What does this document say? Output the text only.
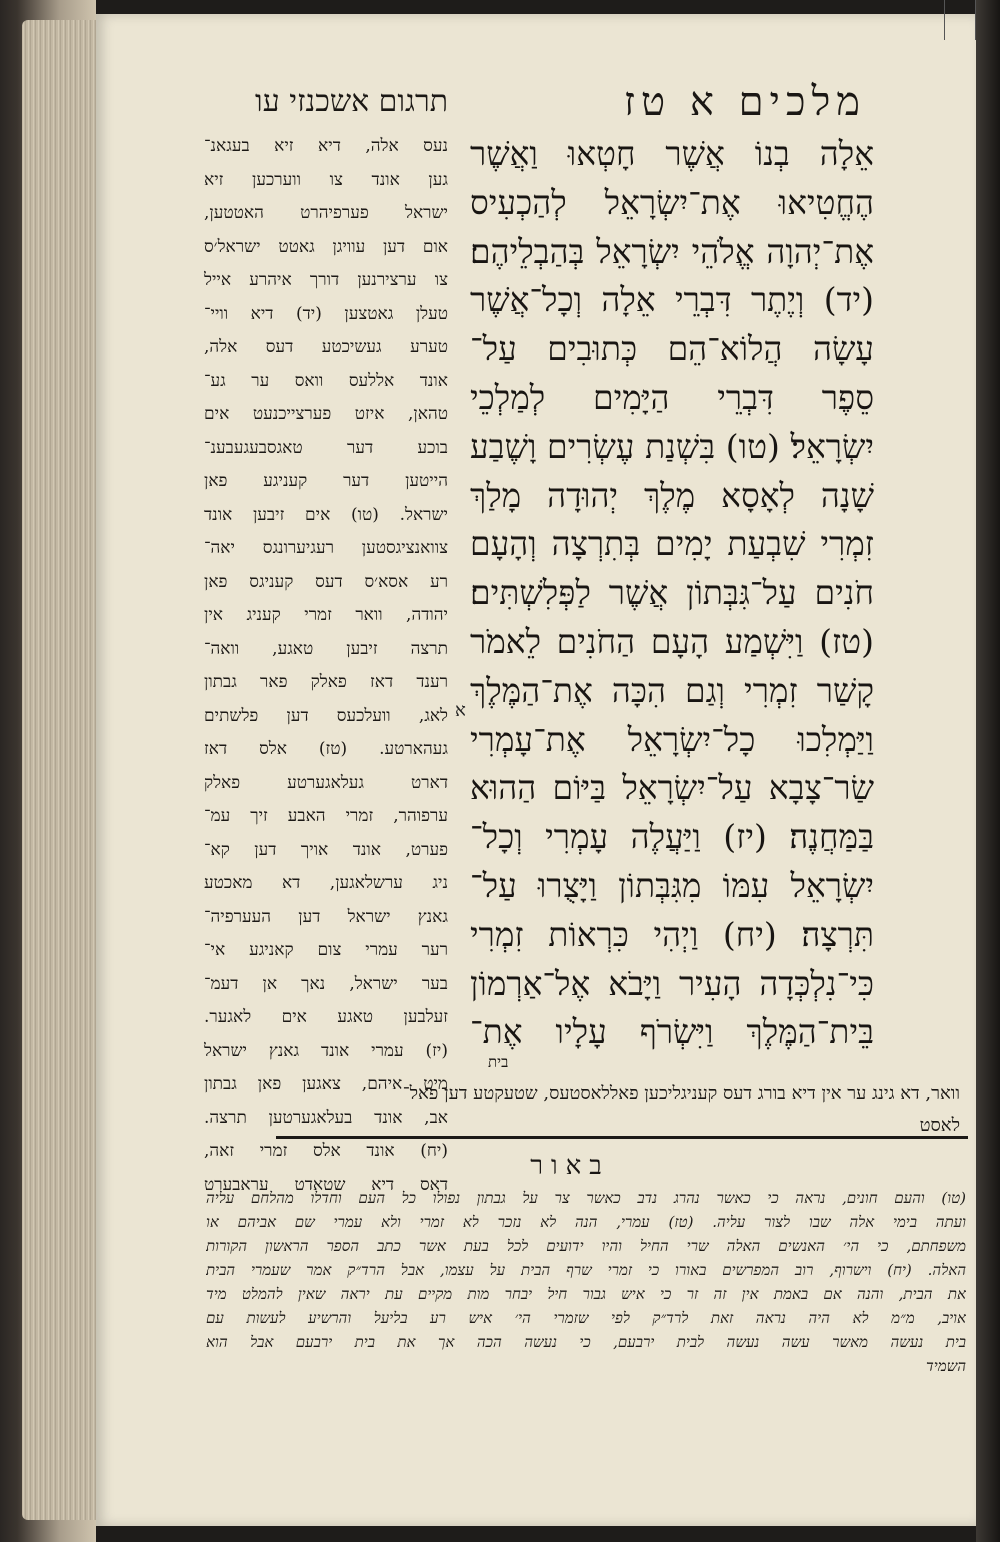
מלכים א טז
תרגום אשכנזי עו
אֵלָה בְנוֹ אֲשֶׁר חָטְאוּ וַאֲשֶׁר
הֶחֱטִיאוּ אֶת־יִשְׂרָאֵל לְהַכְעִיס
אֶת־יְהוָה אֱלֹהֵי יִשְׂרָאֵל בְּהַבְלֵיהֶם׃
(יד) וְיֶתֶר דִּבְרֵי אֵלָה וְכָל־אֲשֶׁר
עָשָׂה הֲלוֹא־הֵם כְּתוּבִים עַל־
סֵפֶר דִּבְרֵי הַיָּמִים לְמַלְכֵי
יִשְׂרָאֵל׃ (טו) בִּשְׁנַת עֶשְׂרִים וָשֶׁבַע
שָׁנָה לְאָסָא מֶלֶךְ יְהוּדָה מָלַךְ
זִמְרִי שִׁבְעַת יָמִים בְּתִרְצָה וְהָעָם
חֹנִים עַל־גִּבְּתוֹן אֲשֶׁר לַפְּלִשְׁתִּים׃
(טז) וַיִּשְׁמַע הָעָם הַחֹנִים לֵאמֹר
קָשַׁר זִמְרִי וְגַם הִכָּה אֶת־הַמֶּלֶךְ
וַיַּמְלִכוּ כָל־יִשְׂרָאֵל אֶת־עָמְרִי
שַׂר־צָבָא עַל־יִשְׂרָאֵל בַּיּוֹם הַהוּא
בַּמַּחֲנֶה׃ (יז) וַיַּעֲלֶה עָמְרִי וְכָל־
יִשְׂרָאֵל עִמּוֹ מִגִּבְּתוֹן וַיָּצֻרוּ עַל־
תִּרְצָה׃ (יח) וַיְהִי כִּרְאוֹת זִמְרִי
כִּי־נִלְכְּדָה הָעִיר וַיָּבֹא אֶל־אַרְמוֹן
בֵּית־הַמֶּלֶךְ וַיִּשְׂרֹף עָלָיו אֶת־
בית
נעס אלה, דיא זיא בעגאנ־
גען אונד צו ווערכען זיא
ישראל פערפיהרט האטטען,
אום דען עוויגן גאטט ישראל׳ס
צו ערצירנען דורך איהרע אייל
טעלן גאטצען (יד) דיא וויי־
טערע געשיכטע דעס אלה,
אונד אללעס וואס ער גע־
טהאן, איזט פערצייכנעט אים
בוכע דער טאגסבעגעבענ־
הייטען דער קעניגע פאן
ישראל. (טו) אים זיבען אונד
צוואנציגסטען רעגיערונגס יאה־
רע אסא׳ס דעס קעניגס פאן
יהודה, וואר זמרי קעניג אין
תרצה זיבען טאגע, וואה־
רענד דאז פאלק פאר גבתון
לאג, וועלכעס דען פלשתים
געהארטע. (טז) אלס דאז
דארט געלאגערטע פאלק
ערפוהר, זמרי האבע זיך עמ־
פערט, אונד אויך דען קא־
ניג ערשלאגען, דא מאכטע
גאנץ ישראל דען העערפיה־
רער עמרי צום קאניגע אי־
בער ישראל, נאך אן דעמ־
זעלבען טאגע אים לאגער.
(יז) עמרי אונד גאנץ ישראל
מיט איהם, צאגען פאן גבתון
אב, אונד בעלאגערטען תרצה.
(יח) אונד אלס זמרי זאה,
דאס דיא שטאדט עראבערט
א
וואר, דא גינג ער אין דיא בורג דעס קעניגליכען פאללאסטעס, שטעקטע דען פאל־
לאסט
באור
(טו) והעם חונים, נראה כי כאשר נהרג נדב כאשר צר על גבתון נפולו כל העם וחדלו מהלחם עליה
ועתה בימי אלה שבו לצור עליה. (טז) עמרי, הנה לא נזכר לא זמרי ולא עמרי שם אביהם או
משפחתם, כי הי׳ האנשים האלה שרי החיל והיו ידועים לכל בעת אשר כתב הספר הראשון הקורות
האלה. (יח) וישרוף, רוב המפרשים באורו כי זמרי שרף הבית על עצמו, אבל הרד״ק אמר שעמרי הבית
את הבית, והנה אם באמת אין זה זר כי איש גבור חיל יבחר מות מקיים עת יראה שאין להמלט מיד
אויב, מ״מ לא היה נראה זאת לרד״ק לפי שזמרי הי׳ איש רע בליעל והרשיע לעשות עם
בית נעשה מאשר עשה נעשה לבית ירבעם, כי נעשה הכה אך את בית ירבעם אבל הוא
השמיד
